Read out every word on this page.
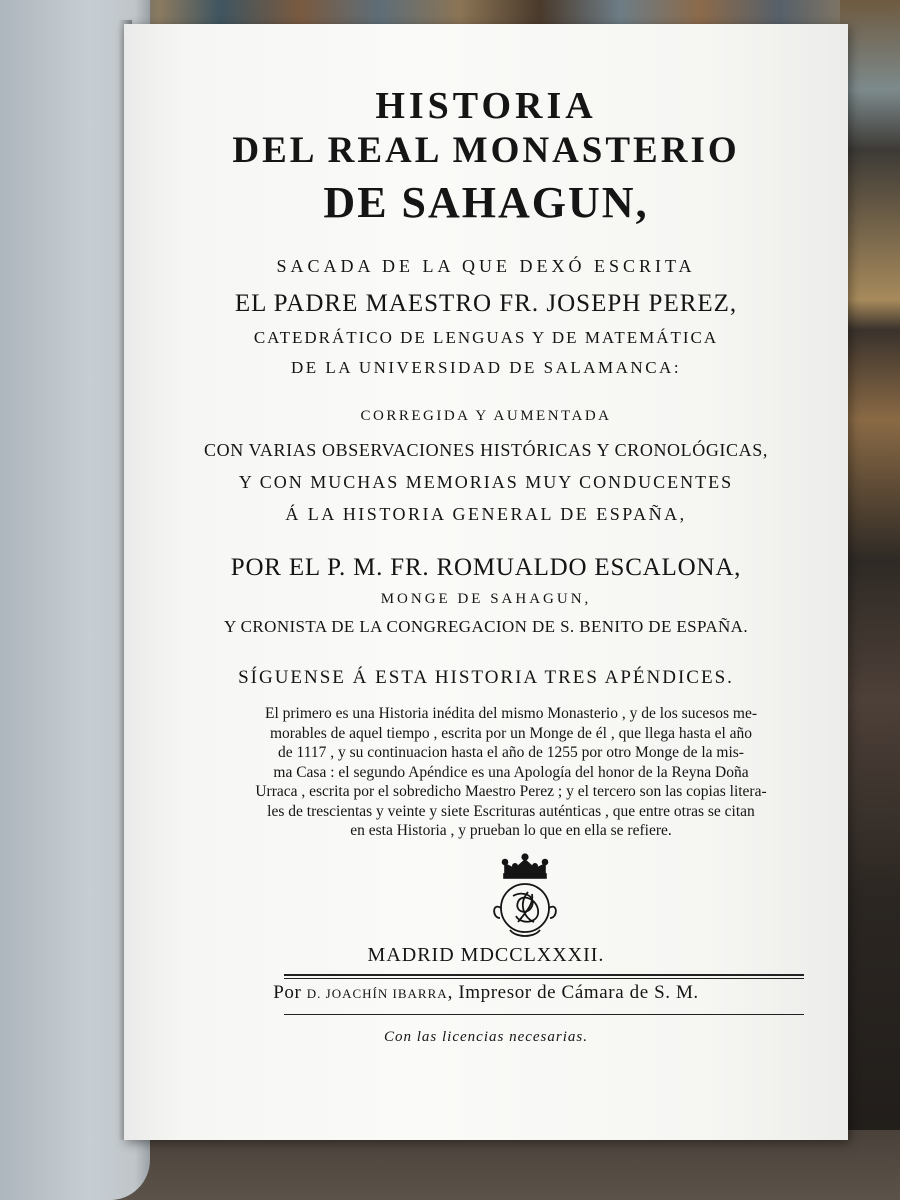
HISTORIA
DEL REAL MONASTERIO
DE SAHAGUN,
SACADA DE LA QUE DEXÓ ESCRITA
EL PADRE MAESTRO FR. JOSEPH PEREZ,
CATEDRÁTICO DE LENGUAS Y DE MATEMÁTICA
DE LA UNIVERSIDAD DE SALAMANCA:
CORREGIDA Y AUMENTADA
CON VARIAS OBSERVACIONES HISTÓRICAS Y CRONOLÓGICAS,
Y CON MUCHAS MEMORIAS MUY CONDUCENTES
Á LA HISTORIA GENERAL DE ESPAÑA,
POR EL P. M. FR. ROMUALDO ESCALONA,
MONGE DE SAHAGUN,
Y CRONISTA DE LA CONGREGACION DE S. BENITO DE ESPAÑA.
SÍGUENSE Á ESTA HISTORIA TRES APÉNDICES.
El primero es una Historia inédita del mismo Monasterio , y de los sucesos me-
morables de aquel tiempo , escrita por un Monge de él , que llega hasta el año
de 1117 , y su continuacion hasta el año de 1255 por otro Monge de la mis-
ma Casa : el segundo Apéndice es una Apología del honor de la Reyna Doña
Urraca , escrita por el sobredicho Maestro Perez ; y el tercero son las copias litera-
les de trescientas y veinte y siete Escrituras auténticas , que entre otras se citan
en esta Historia , y prueban lo que en ella se refiere.
MADRID MDCCLXXXII.
Por D. JOACHÍN IBARRA, Impresor de Cámara de S. M.
Con las licencias necesarias.
